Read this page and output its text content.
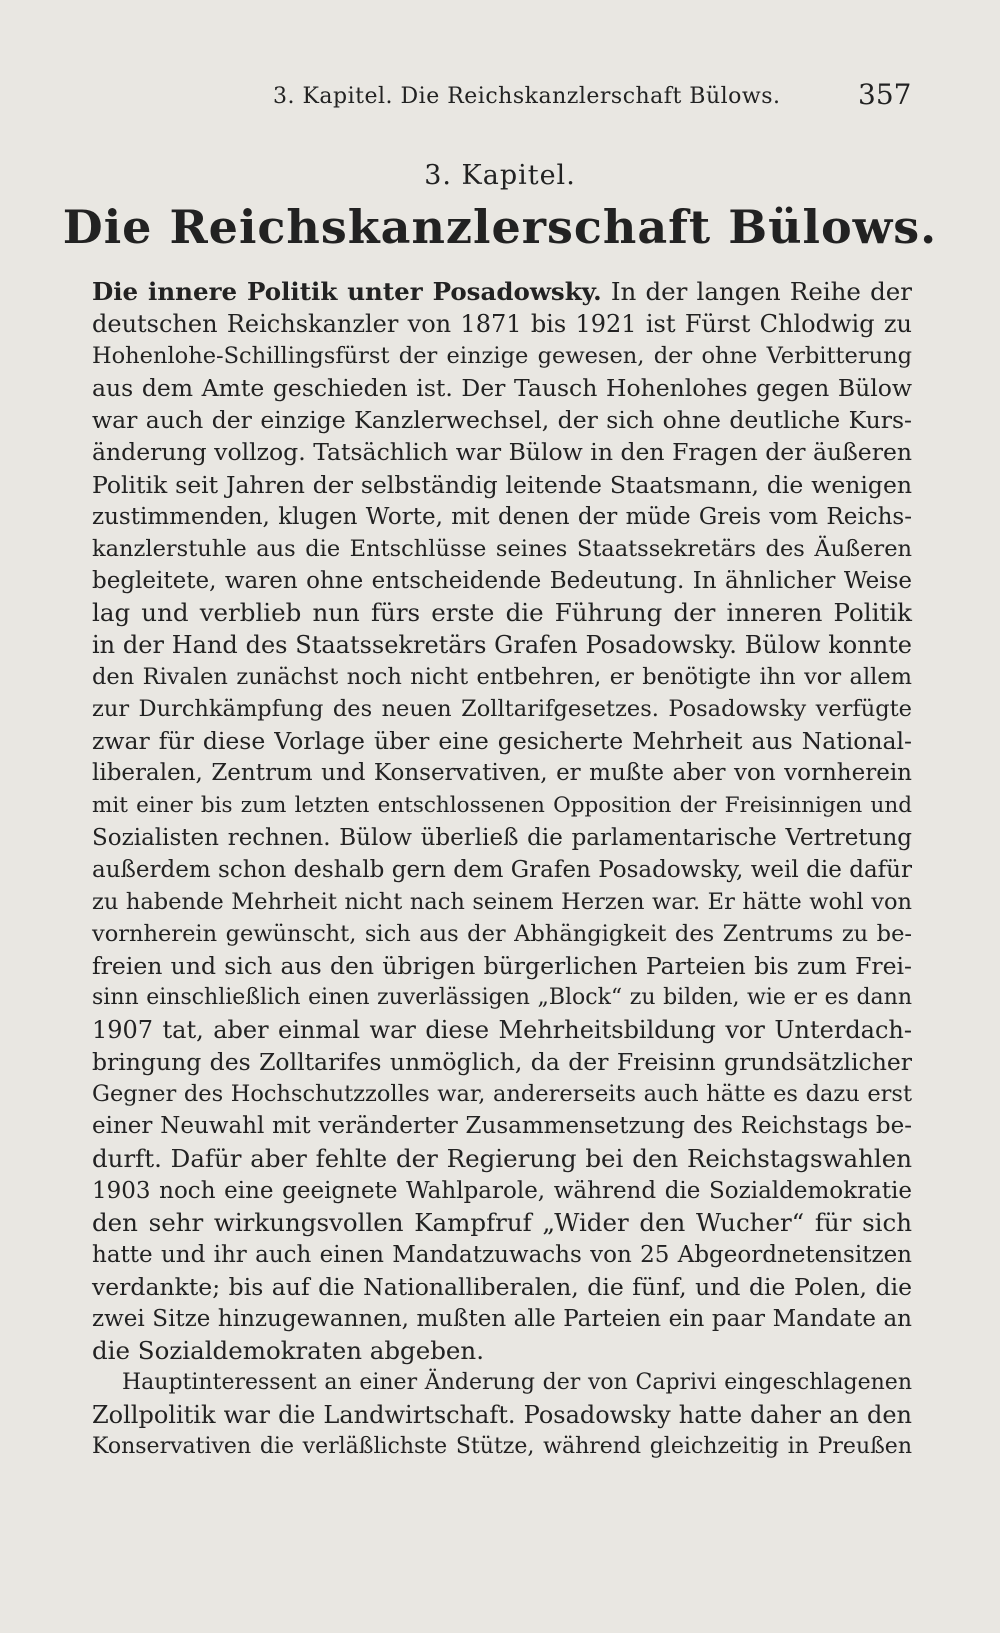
3. Kapitel. Die Reichskanzlerschaft Bülows.	357
3. Kapitel.
Die Reichskanzlerschaft Bülows.
Die innere Politik unter Posadowsky. In der langen Reihe der
deutschen Reichskanzler von 1871 bis 1921 ist Fürst Chlodwig zu
Hohenlohe-Schillingsfürst der einzige gewesen, der ohne Verbitterung
aus dem Amte geschieden ist. Der Tausch Hohenlohes gegen Bülow
war auch der einzige Kanzlerwechsel, der sich ohne deutliche Kurs-
änderung vollzog. Tatsächlich war Bülow in den Fragen der äußeren
Politik seit Jahren der selbständig leitende Staatsmann, die wenigen
zustimmenden, klugen Worte, mit denen der müde Greis vom Reichs-
kanzlerstuhle aus die Entschlüsse seines Staatssekretärs des Äußeren
begleitete, waren ohne entscheidende Bedeutung. In ähnlicher Weise
lag und verblieb nun fürs erste die Führung der inneren Politik
in der Hand des Staatssekretärs Grafen Posadowsky. Bülow konnte
den Rivalen zunächst noch nicht entbehren, er benötigte ihn vor allem
zur Durchkämpfung des neuen Zolltarifgesetzes. Posadowsky verfügte
zwar für diese Vorlage über eine gesicherte Mehrheit aus National-
liberalen, Zentrum und Konservativen, er mußte aber von vornherein
mit einer bis zum letzten entschlossenen Opposition der Freisinnigen und
Sozialisten rechnen. Bülow überließ die parlamentarische Vertretung
außerdem schon deshalb gern dem Grafen Posadowsky, weil die dafür
zu habende Mehrheit nicht nach seinem Herzen war. Er hätte wohl von
vornherein gewünscht, sich aus der Abhängigkeit des Zentrums zu be-
freien und sich aus den übrigen bürgerlichen Parteien bis zum Frei-
sinn einschließlich einen zuverlässigen „Block“ zu bilden, wie er es dann
1907 tat, aber einmal war diese Mehrheitsbildung vor Unterdach-
bringung des Zolltarifes unmöglich, da der Freisinn grundsätzlicher
Gegner des Hochschutzzolles war, andererseits auch hätte es dazu erst
einer Neuwahl mit veränderter Zusammensetzung des Reichstags be-
durft. Dafür aber fehlte der Regierung bei den Reichstagswahlen
1903 noch eine geeignete Wahlparole, während die Sozialdemokratie
den sehr wirkungsvollen Kampfruf „Wider den Wucher“ für sich
hatte und ihr auch einen Mandatzuwachs von 25 Abgeordnetensitzen
verdankte; bis auf die Nationalliberalen, die fünf, und die Polen, die
zwei Sitze hinzugewannen, mußten alle Parteien ein paar Mandate an
die Sozialdemokraten abgeben.
Hauptinteressent an einer Änderung der von Caprivi eingeschlagenen
Zollpolitik war die Landwirtschaft. Posadowsky hatte daher an den
Konservativen die verläßlichste Stütze, während gleichzeitig in Preußen
